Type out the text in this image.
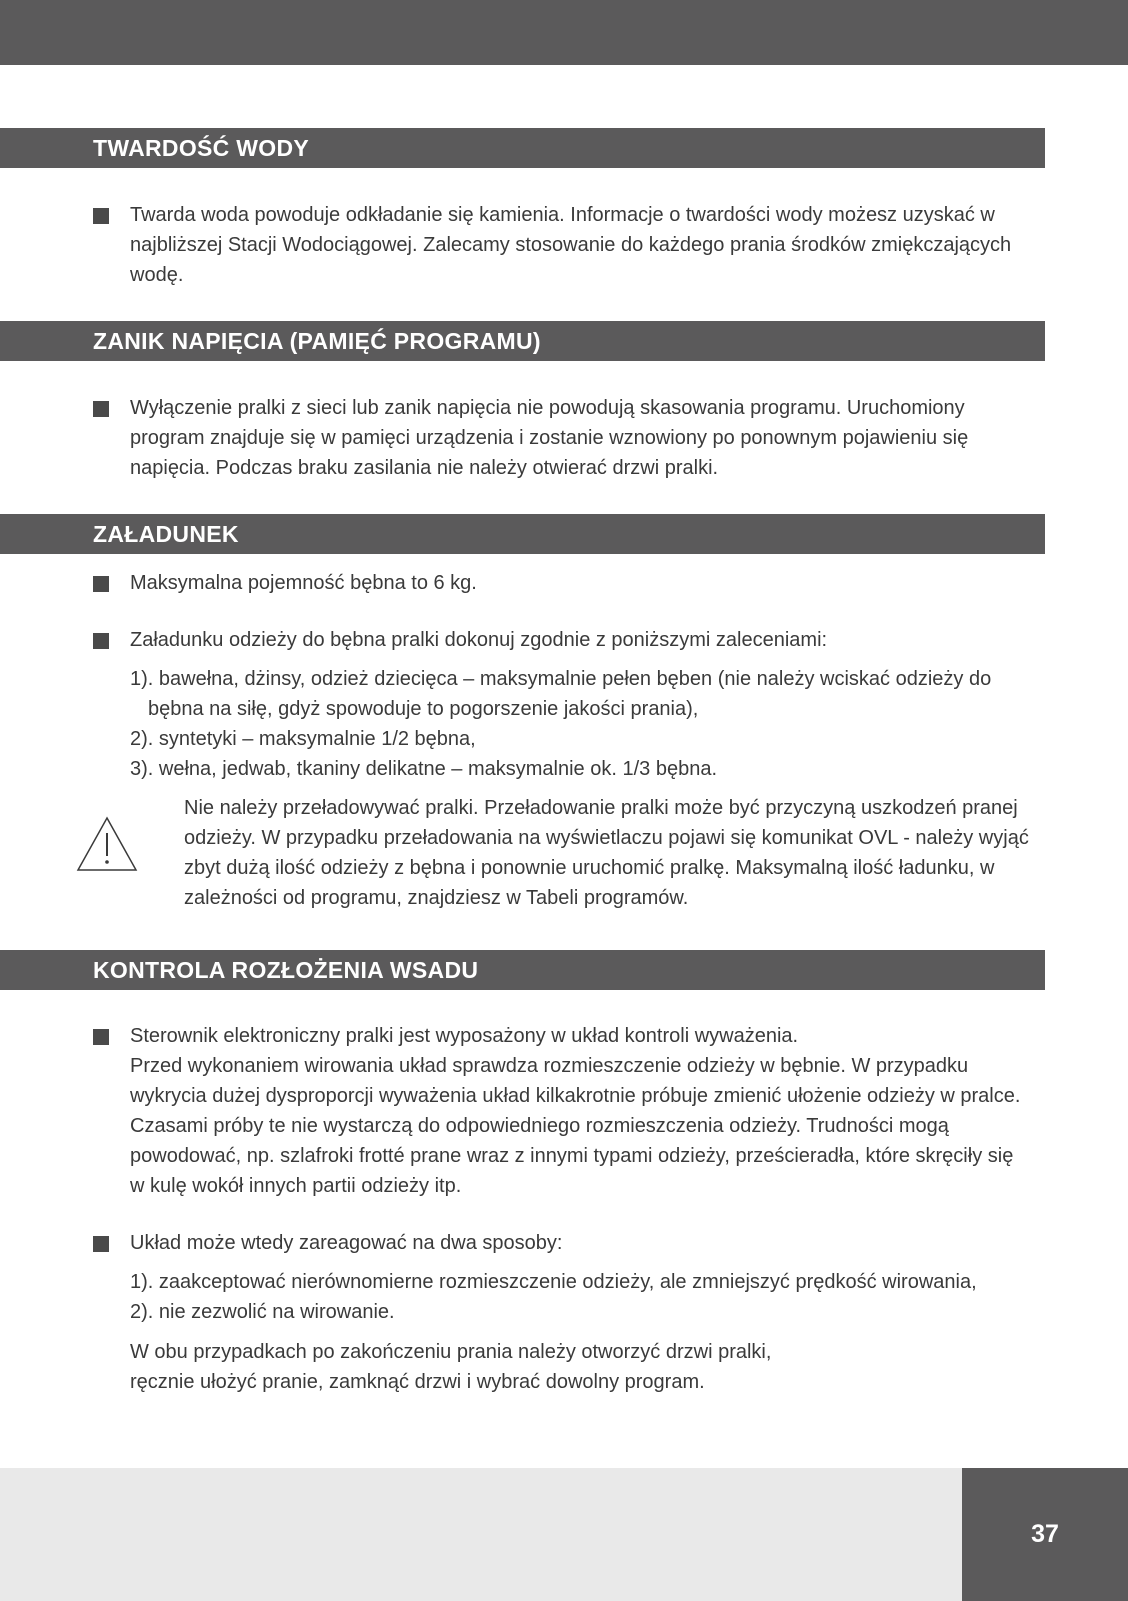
TWARDOŚĆ WODY

Twarda woda powoduje odkładanie się kamienia. Informacje o twardości wody możesz uzyskać w najbliższej Stacji Wodociągowej. Zalecamy stosowanie do każdego prania środków zmiękczających wodę.

ZANIK NAPIĘCIA (PAMIĘĆ PROGRAMU)

Wyłączenie pralki z sieci lub zanik napięcia nie powodują skasowania programu. Uruchomiony program znajduje się w pamięci urządzenia i zostanie wznowiony po ponownym pojawieniu się napięcia. Podczas braku zasilania nie należy otwierać drzwi pralki.

ZAŁADUNEK

Maksymalna pojemność bębna to 6 kg.

Załadunku odzieży do bębna pralki dokonuj zgodnie z poniższymi zaleceniami:

1). bawełna, dżinsy, odzież dziecięca – maksymalnie pełen bęben (nie należy wciskać odzieży do bębna na siłę, gdyż spowoduje to pogorszenie jakości prania),

2). syntetyki – maksymalnie 1/2 bębna,

3). wełna, jedwab, tkaniny delikatne – maksymalnie ok. 1/3 bębna.

Nie należy przeładowywać pralki. Przeładowanie pralki może być przyczyną uszkodzeń pranej odzieży. W przypadku przeładowania na wyświetlaczu pojawi się komunikat OVL - należy wyjąć zbyt dużą ilość odzieży z bębna i ponownie uruchomić pralkę. Maksymalną ilość ładunku, w zależności od programu, znajdziesz w Tabeli programów.

KONTROLA ROZŁOŻENIA WSADU

Sterownik elektroniczny pralki jest wyposażony w układ kontroli wyważenia.

Przed wykonaniem wirowania układ sprawdza rozmieszczenie odzieży w bębnie. W przypadku wykrycia dużej dysproporcji wyważenia układ kilkakrotnie próbuje zmienić ułożenie odzieży w pralce. Czasami próby te nie wystarczą do odpowiedniego rozmieszczenia odzieży. Trudności mogą powodować, np. szlafroki frotté prane wraz z innymi typami odzieży, prześcieradła, które skręciły się w kulę wokół innych partii odzieży itp.

Układ może wtedy zareagować na dwa sposoby:

1). zaakceptować nierównomierne rozmieszczenie odzieży, ale zmniejszyć prędkość wirowania,

2). nie zezwolić na wirowanie.

W obu przypadkach po zakończeniu prania należy otworzyć drzwi pralki,

ręcznie ułożyć pranie, zamknąć drzwi i wybrać dowolny program.

37
